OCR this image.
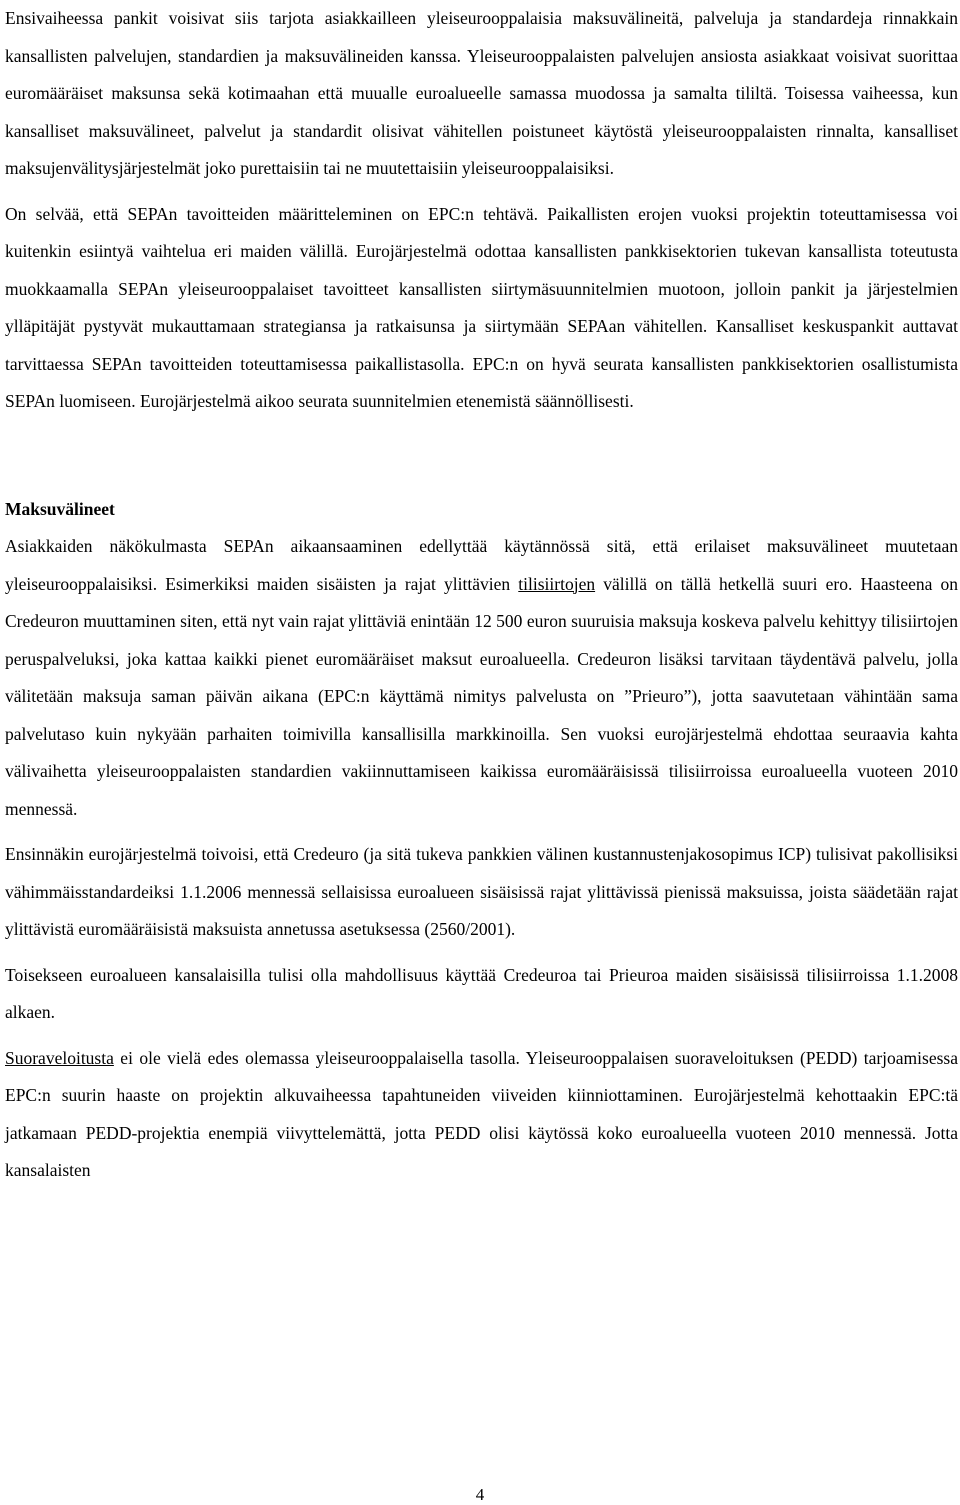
Ensivaiheessa pankit voisivat siis tarjota asiakkailleen yleiseurooppalaisia maksuvälineitä, palveluja ja standardeja rinnakkain kansallisten palvelujen, standardien ja maksuvälineiden kanssa. Yleiseurooppalaisten palvelujen ansiosta asiakkaat voisivat suorittaa euromääräiset maksunsa sekä kotimaahan että muualle euroalueelle samassa muodossa ja samalta tililtä. Toisessa vaiheessa, kun kansalliset maksuvälineet, palvelut ja standardit olisivat vähitellen poistuneet käytöstä yleiseurooppalaisten rinnalta, kansalliset maksujenvälitysjärjestelmät joko purettaisiin tai ne muutettaisiin yleiseurooppalaisiksi.

On selvää, että SEPAn tavoitteiden määritteleminen on EPC:n tehtävä. Paikallisten erojen vuoksi projektin toteuttamisessa voi kuitenkin esiintyä vaihtelua eri maiden välillä. Eurojärjestelmä odottaa kansallisten pankkisektorien tukevan kansallista toteutusta muokkaamalla SEPAn yleiseurooppalaiset tavoitteet kansallisten siirtymäsuunnitelmien muotoon, jolloin pankit ja järjestelmien ylläpitäjät pystyvät mukauttamaan strategiansa ja ratkaisunsa ja siirtymään SEPAan vähitellen. Kansalliset keskuspankit auttavat tarvittaessa SEPAn tavoitteiden toteuttamisessa paikallistasolla. EPC:n on hyvä seurata kansallisten pankkisektorien osallistumista SEPAn luomiseen. Eurojärjestelmä aikoo seurata suunnitelmien etenemistä säännöllisesti.

Maksuvälineet

Asiakkaiden näkökulmasta SEPAn aikaansaaminen edellyttää käytännössä sitä, että erilaiset maksuvälineet muutetaan yleiseurooppalaisiksi. Esimerkiksi maiden sisäisten ja rajat ylittävien tilisiirtojen välillä on tällä hetkellä suuri ero. Haasteena on Credeuron muuttaminen siten, että nyt vain rajat ylittäviä enintään 12 500 euron suuruisia maksuja koskeva palvelu kehittyy tilisiirtojen peruspalveluksi, joka kattaa kaikki pienet euromääräiset maksut euroalueella. Credeuron lisäksi tarvitaan täydentävä palvelu, jolla välitetään maksuja saman päivän aikana (EPC:n käyttämä nimitys palvelusta on ”Prieuro”), jotta saavutetaan vähintään sama palvelutaso kuin nykyään parhaiten toimivilla kansallisilla markkinoilla. Sen vuoksi eurojärjestelmä ehdottaa seuraavia kahta välivaihetta yleiseurooppalaisten standardien vakiinnuttamiseen kaikissa euromääräisissä tilisiirroissa euroalueella vuoteen 2010 mennessä.

Ensinnäkin eurojärjestelmä toivoisi, että Credeuro (ja sitä tukeva pankkien välinen kustannustenjakosopimus ICP) tulisivat pakollisiksi vähimmäisstandardeiksi 1.1.2006 mennessä sellaisissa euroalueen sisäisissä rajat ylittävissä pienissä maksuissa, joista säädetään rajat ylittävistä euromääräisistä maksuista annetussa asetuksessa (2560/2001).

Toisekseen euroalueen kansalaisilla tulisi olla mahdollisuus käyttää Credeuroa tai Prieuroa maiden sisäisissä tilisiirroissa 1.1.2008 alkaen.

Suoraveloitusta ei ole vielä edes olemassa yleiseurooppalaisella tasolla. Yleiseurooppalaisen suoraveloituksen (PEDD) tarjoamisessa EPC:n suurin haaste on projektin alkuvaiheessa tapahtuneiden viiveiden kiinniottaminen. Eurojärjestelmä kehottaakin EPC:tä jatkamaan PEDD-projektia enempiä viivyttelemättä, jotta PEDD olisi käytössä koko euroalueella vuoteen 2010 mennessä. Jotta kansalaisten

4
